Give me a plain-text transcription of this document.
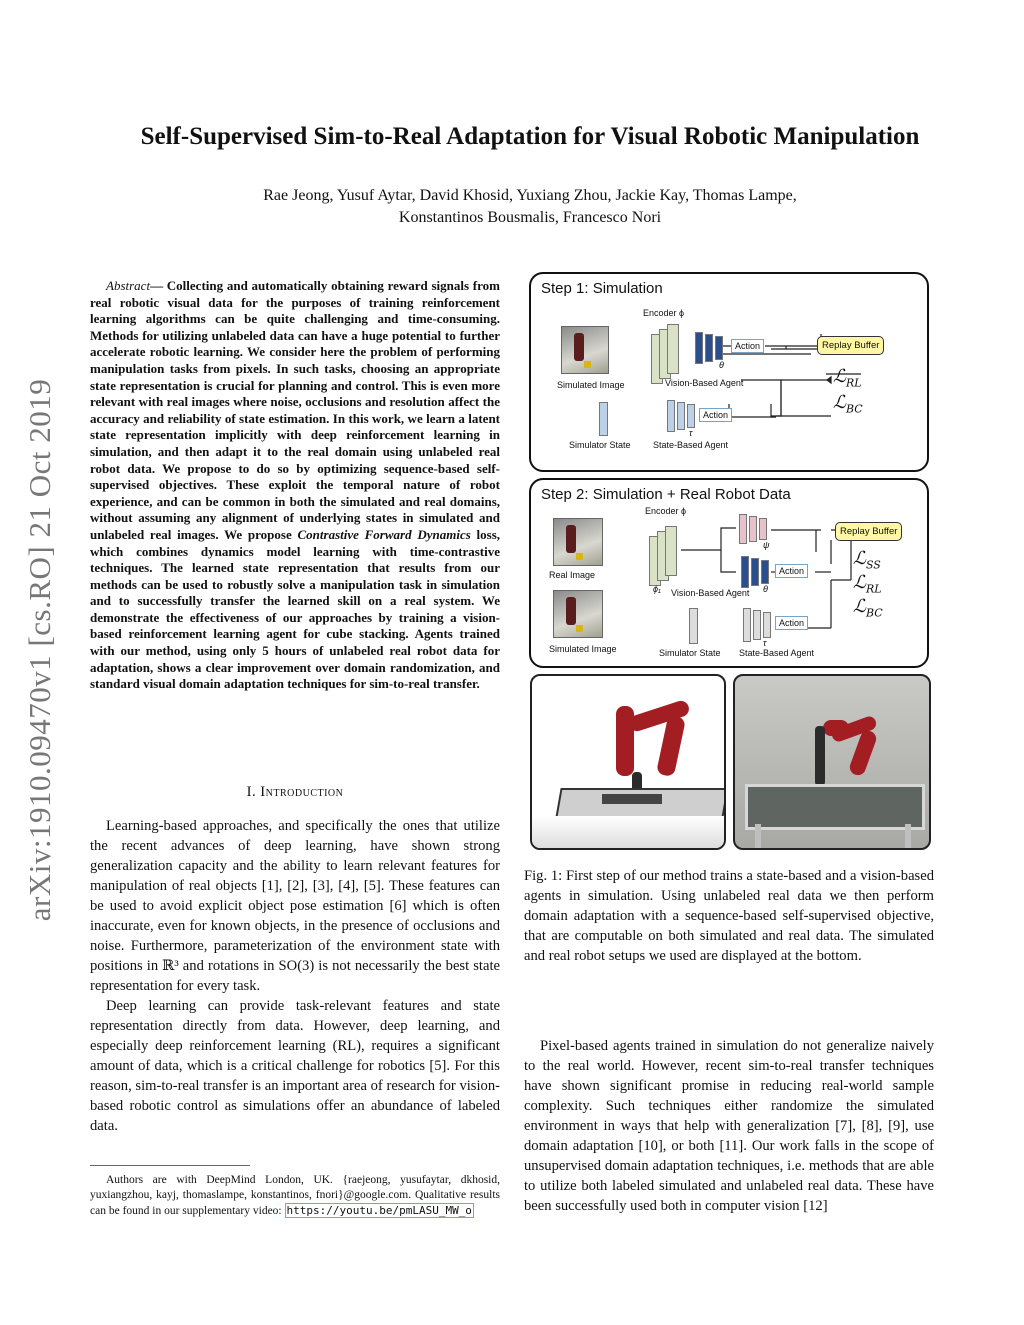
arXiv:1910.09470v1 [cs.RO] 21 Oct 2019
Self-Supervised Sim-to-Real Adaptation for Visual Robotic Manipulation
Rae Jeong, Yusuf Aytar, David Khosid, Yuxiang Zhou, Jackie Kay, Thomas Lampe,
Konstantinos Bousmalis, Francesco Nori

Abstract— Collecting and automatically obtaining reward signals from real robotic visual data for the purposes of training reinforcement learning algorithms can be quite challenging and time-consuming. Methods for utilizing unlabeled data can have a huge potential to further accelerate robotic learning. We consider here the problem of performing manipulation tasks from pixels. In such tasks, choosing an appropriate state representation is crucial for planning and control. This is even more relevant with real images where noise, occlusions and resolution affect the accuracy and reliability of state estimation. In this work, we learn a latent state representation implicitly with deep reinforcement learning in simulation, and then adapt it to the real domain using unlabeled real robot data. We propose to do so by optimizing sequence-based self-supervised objectives. These exploit the temporal nature of robot experience, and can be common in both the simulated and real domains, without assuming any alignment of underlying states in simulated and unlabeled real images. We propose Contrastive Forward Dynamics loss, which combines dynamics model learning with time-contrastive techniques. The learned state representation that results from our methods can be used to robustly solve a manipulation task in simulation and to successfully transfer the learned skill on a real system. We demonstrate the effectiveness of our approaches by training a vision-based reinforcement learning agent for cube stacking. Agents trained with our method, using only 5 hours of unlabeled real robot data for adaptation, shows a clear improvement over domain randomization, and standard visual domain adaptation techniques for sim-to-real transfer.

I. Introduction

Learning-based approaches, and specifically the ones that utilize the recent advances of deep learning, have shown strong generalization capacity and the ability to learn relevant features for manipulation of real objects [1], [2], [3], [4], [5]. These features can be used to avoid explicit object pose estimation [6] which is often inaccurate, even for known objects, in the presence of occlusions and noise. Furthermore, parameterization of the environment state with positions in ℝ³ and rotations in SO(3) is not necessarily the best state representation for every task.

Deep learning can provide task-relevant features and state representation directly from data. However, deep learning, and especially deep reinforcement learning (RL), requires a significant amount of data, which is a critical challenge for robotics [5]. For this reason, sim-to-real transfer is an important area of research for vision-based robotic control as simulations offer an abundance of labeled data.

Authors are with DeepMind London, UK. {raejeong, yusufaytar, dkhosid, yuxiangzhou, kayj, thomaslampe, konstantinos, fnori}@google.com. Qualitative results can be found in our supplementary video: https://youtu.be/pmLASU_MW_o

Step 1: Simulation
Simulated Image
Encoder ϕ
θ
Action
Vision-Based Agent
Replay Buffer
ℒ$_{RL}$
ℒ$_{BC}$
Simulator State
τ
Action
State-Based Agent
Step 2: Simulation + Real Robot Data
Real Image
Simulated Image
Encoder ϕ
ϕ₁
ψ
θ
Action
Vision-Based Agent
Replay Buffer
ℒ$_{SS}$
ℒ$_{RL}$
ℒ$_{BC}$
Simulator State
τ
Action
State-Based Agent
Fig. 1: First step of our method trains a state-based and a vision-based agents in simulation. Using unlabeled real data we then perform domain adaptation with a sequence-based self-supervised objective, that are computable on both simulated and real data. The simulated and real robot setups we used are displayed at the bottom.

Pixel-based agents trained in simulation do not generalize naively to the real world. However, recent sim-to-real transfer techniques have shown significant promise in reducing real-world sample complexity. Such techniques either randomize the simulated environment in ways that help with generalization [7], [8], [9], use domain adaptation [10], or both [11]. Our work falls in the scope of unsupervised domain adaptation techniques, i.e. methods that are able to utilize both labeled simulated and unlabeled real data. These have been successfully used both in computer vision [12]
